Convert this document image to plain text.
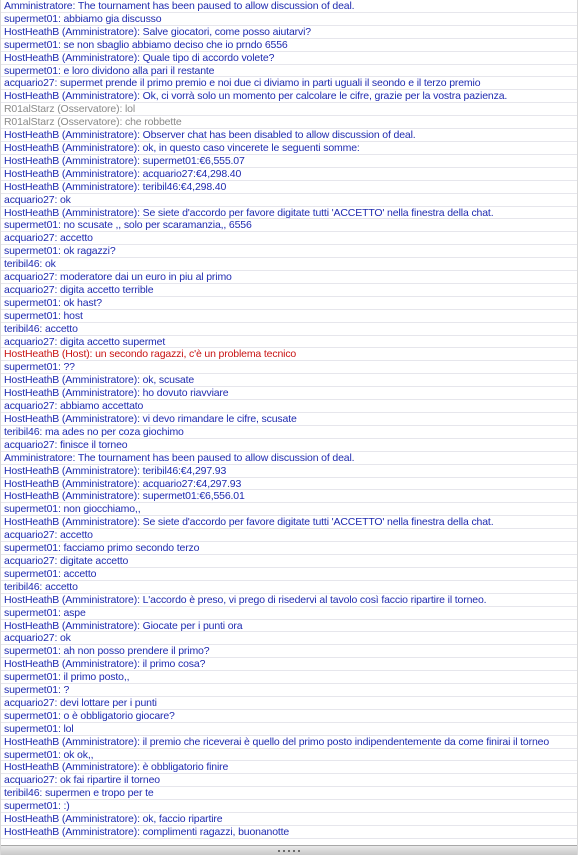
Amministratore: The tournament has been paused to allow discussion of deal.
supermet01: abbiamo gia discusso
HostHeathB (Amministratore): Salve giocatori, come posso aiutarvi?
supermet01: se non sbaglio abbiamo deciso che io prndo 6556
HostHeathB (Amministratore): Quale tipo di accordo volete?
supermet01: e loro dividono alla pari il restante
acquario27: supermet prende il primo premio e noi due ci diviamo in parti uguali il seondo e il terzo premio
HostHeathB (Amministratore): Ok, ci vorrà solo un momento per calcolare le cifre, grazie per la vostra pazienza.
R01alStarz (Osservatore): lol
R01alStarz (Osservatore): che robbette
HostHeathB (Amministratore): Observer chat has been disabled to allow discussion of deal.
HostHeathB (Amministratore): ok, in questo caso vincerete le seguenti somme:
HostHeathB (Amministratore): supermet01:€6,555.07
HostHeathB (Amministratore): acquario27:€4,298.40
HostHeathB (Amministratore): teribil46:€4,298.40
acquario27: ok
HostHeathB (Amministratore): Se siete d'accordo per favore digitate tutti 'ACCETTO' nella finestra della chat.
supermet01: no scusate ,, solo per scaramanzia,, 6556
acquario27: accetto
supermet01: ok ragazzi?
teribil46: ok
acquario27: moderatore dai un euro in piu al primo
acquario27: digita accetto terrible
supermet01: ok hast?
supermet01: host
teribil46: accetto
acquario27: digita accetto supermet
HostHeathB (Host): un secondo ragazzi, c'è un problema tecnico
supermet01: ??
HostHeathB (Amministratore): ok, scusate
HostHeathB (Amministratore): ho dovuto riavviare
acquario27: abbiamo accettato
HostHeathB (Amministratore): vi devo rimandare le cifre, scusate
teribil46: ma ades no per coza giochimo
acquario27: finisce il torneo
Amministratore: The tournament has been paused to allow discussion of deal.
HostHeathB (Amministratore): teribil46:€4,297.93
HostHeathB (Amministratore): acquario27:€4,297.93
HostHeathB (Amministratore): supermet01:€6,556.01
supermet01: non giocchiamo,,
HostHeathB (Amministratore): Se siete d'accordo per favore digitate tutti 'ACCETTO' nella finestra della chat.
acquario27: accetto
supermet01: facciamo primo secondo terzo
acquario27: digitate accetto
supermet01: accetto
teribil46: accetto
HostHeathB (Amministratore): L'accordo è preso, vi prego di risedervi al tavolo così faccio ripartire il torneo.
supermet01: aspe
HostHeathB (Amministratore): Giocate per i punti ora
acquario27: ok
supermet01: ah non posso prendere il primo?
HostHeathB (Amministratore): il primo cosa?
supermet01: il primo posto,,
supermet01: ?
acquario27: devi lottare per i punti
supermet01: o è obbligatorio giocare?
supermet01: lol
HostHeathB (Amministratore): il premio che riceverai è quello del primo posto indipendentemente da come finirai il torneo
supermet01: ok ok,,
HostHeathB (Amministratore): è obbligatorio finire
acquario27: ok fai ripartire il torneo
teribil46: supermen e tropo per te
supermet01: :)
HostHeathB (Amministratore): ok, faccio ripartire
HostHeathB (Amministratore): complimenti ragazzi, buonanotte
